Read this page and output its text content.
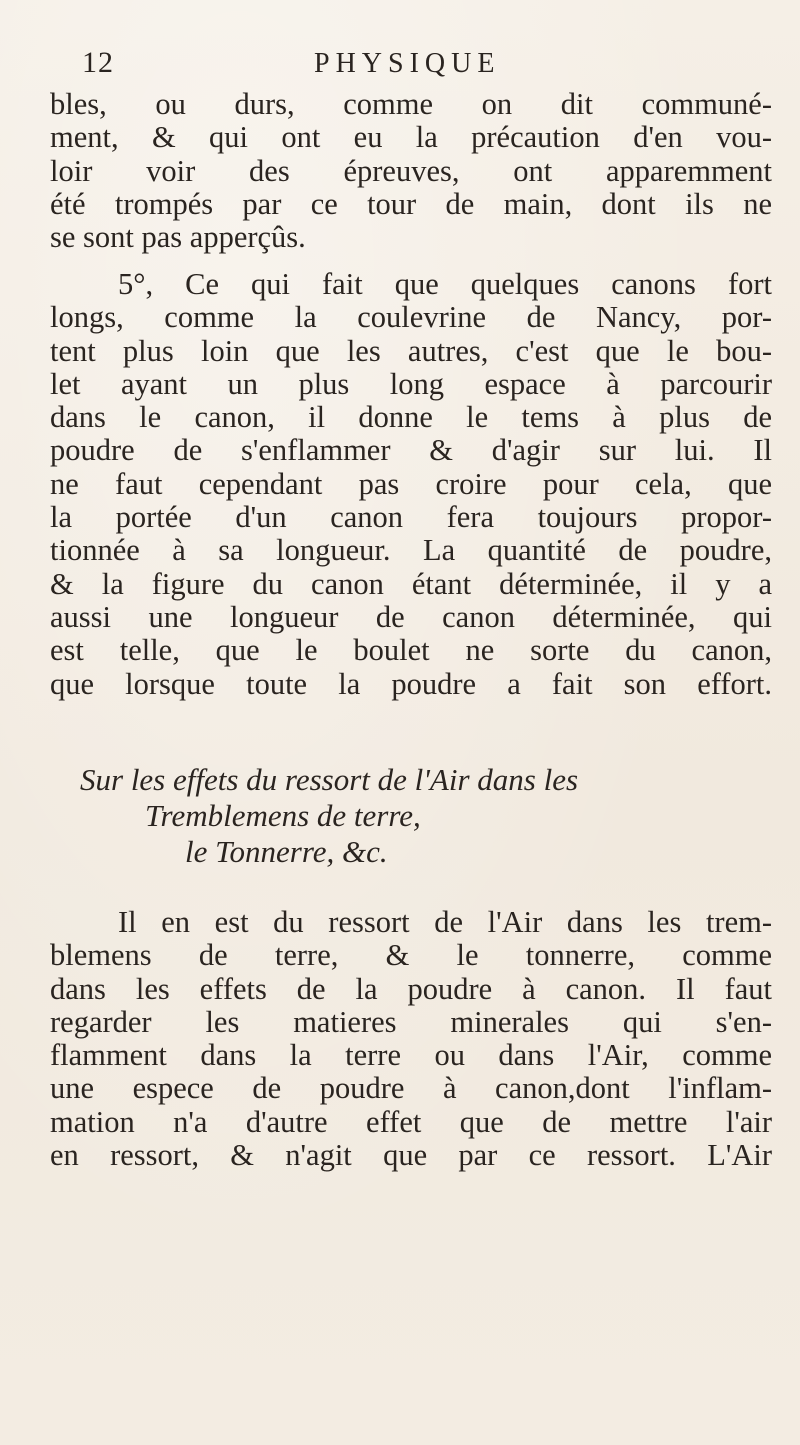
12	PHYSIQUE
bles, ou durs, comme on dit communé-
ment, & qui ont eu la précaution d'en vou-
loir voir des épreuves, ont apparemment
été trompés par ce tour de main, dont ils ne
se sont pas apperçûs.
5°, Ce qui fait que quelques canons fort
longs, comme la coulevrine de Nancy, por-
tent plus loin que les autres, c'est que le bou-
let ayant un plus long espace à parcourir
dans le canon, il donne le tems à plus de
poudre de s'enflammer & d'agir sur lui. Il
ne faut cependant pas croire pour cela, que
la portée d'un canon fera toujours propor-
tionnée à sa longueur. La quantité de poudre,
& la figure du canon étant déterminée, il y a
aussi une longueur de canon déterminée, qui
est telle, que le boulet ne sorte du canon,
que lorsque toute la poudre a fait son effort.
Sur les effets du ressort de l'Air dans les
Tremblemens de terre,
le Tonnerre, &c.
Il en est du ressort de l'Air dans les trem-
blemens de terre, & le tonnerre, comme
dans les effets de la poudre à canon. Il faut
regarder les matieres minerales qui s'en-
flamment dans la terre ou dans l'Air, comme
une espece de poudre à canon,dont l'inflam-
mation n'a d'autre effet que de mettre l'air
en ressort, & n'agit que par ce ressort. L'Air
